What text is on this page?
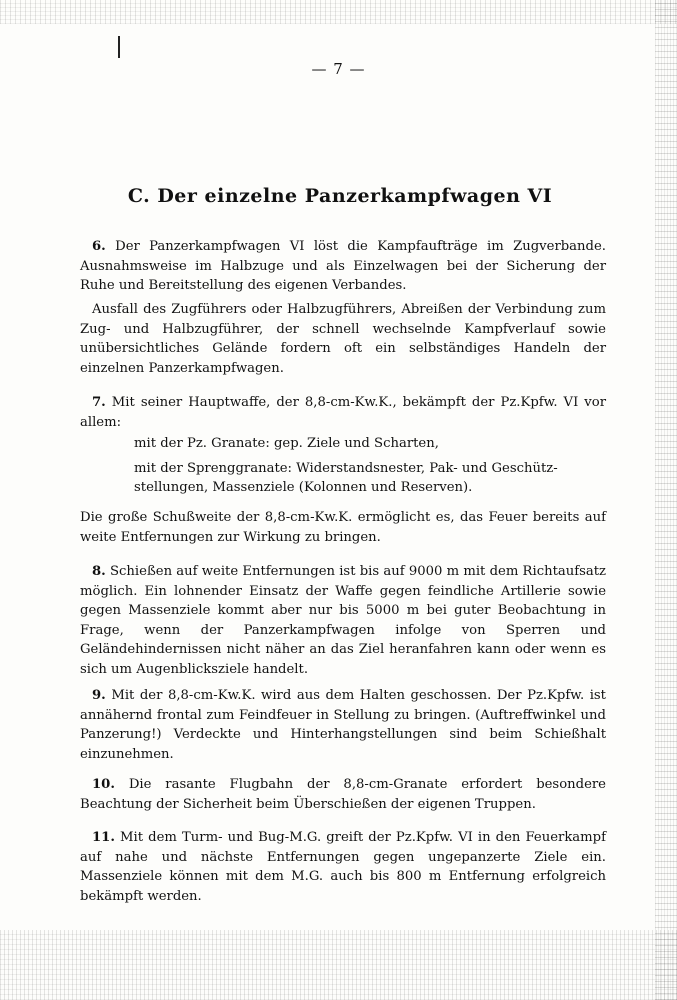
— 7 —
C. Der einzelne Panzerkampfwagen VI

6. Der Panzerkampfwagen VI löst die Kampfaufträge im Zugverbande. Ausnahmsweise im Halbzuge und als Einzelwagen bei der Sicherung der Ruhe und Bereitstellung des eigenen Verbandes.

Ausfall des Zugführers oder Halbzugführers, Abreißen der Verbindung zum Zug- und Halbzugführer, der schnell wechselnde Kampfverlauf sowie unübersichtliches Gelände fordern oft ein selbständiges Handeln der einzelnen Panzerkampfwagen.

7. Mit seiner Hauptwaffe, der 8,8-cm-Kw.K., bekämpft der Pz.Kpfw. VI vor allem:

mit der Pz. Granate: gep. Ziele und Scharten,

mit der Sprenggranate: Widerstandsnester, Pak- und Geschütz-

stellungen, Massenziele (Kolonnen und Reserven).

Die große Schußweite der 8,8-cm-Kw.K. ermöglicht es, das Feuer bereits auf weite Entfernungen zur Wirkung zu bringen.

8. Schießen auf weite Entfernungen ist bis auf 9000 m mit dem Richtaufsatz möglich. Ein lohnender Einsatz der Waffe gegen feindliche Artillerie sowie gegen Massenziele kommt aber nur bis 5000 m bei guter Beobachtung in Frage, wenn der Panzerkampfwagen infolge von Sperren und Geländehindernissen nicht näher an das Ziel heranfahren kann oder wenn es sich um Augenblicksziele handelt.

9. Mit der 8,8-cm-Kw.K. wird aus dem Halten geschossen. Der Pz.Kpfw. ist annähernd frontal zum Feindfeuer in Stellung zu bringen. (Auftreffwinkel und Panzerung!) Verdeckte und Hinterhangstellungen sind beim Schießhalt einzunehmen.

10. Die rasante Flugbahn der 8,8-cm-Granate erfordert besondere Beachtung der Sicherheit beim Überschießen der eigenen Truppen.

11. Mit dem Turm- und Bug-M.G. greift der Pz.Kpfw. VI in den Feuerkampf auf nahe und nächste Entfernungen gegen ungepanzerte Ziele ein. Massenziele können mit dem M.G. auch bis 800 m Entfernung erfolgreich bekämpft werden.
